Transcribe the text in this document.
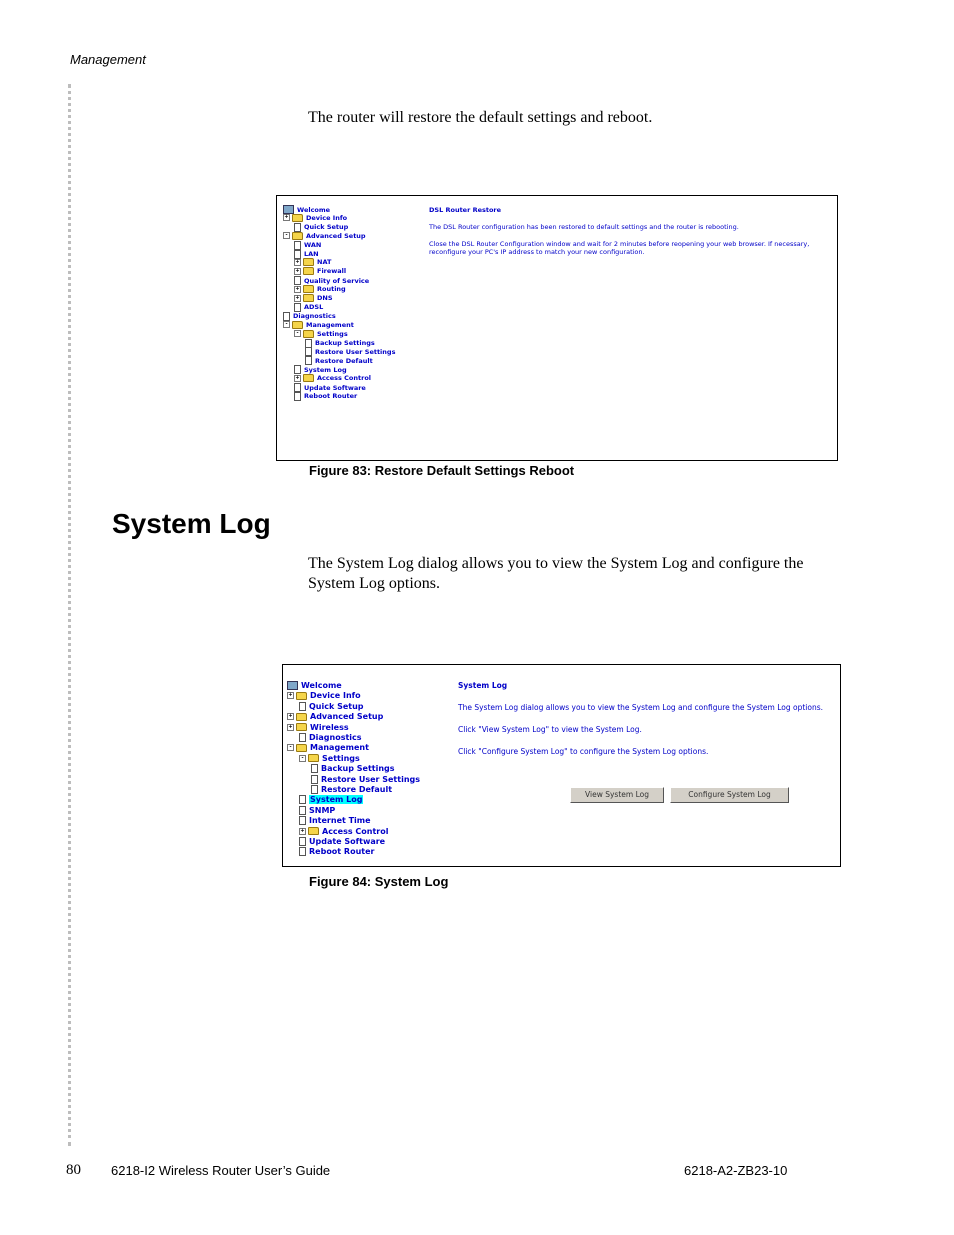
Management
The router will restore the default settings and reboot.
Welcome
+	Device Info
Quick Setup
-	Advanced Setup
WAN
LAN
+	NAT
+	Firewall
Quality of Service
+	Routing
+	DNS
ADSL
Diagnostics
-	Management
-	Settings
Backup Settings
Restore User Settings
Restore Default
System Log
+	Access Control
Update Software
Reboot Router
DSL Router Restore
The DSL Router configuration has been restored to default settings and the router is rebooting.
Close the DSL Router Configuration window and wait for 2 minutes before reopening your web browser. If necessary,
reconfigure your PC's IP address to match your new configuration.
Figure 83: Restore Default Settings Reboot
System Log
The System Log dialog allows you to view the System Log and configure the
System Log options.
Welcome
+ Device Info
Quick Setup
+ Advanced Setup
+ Wireless
Diagnostics
-	Management
-	Settings
Backup Settings
Restore User Settings
Restore Default
System Log
SNMP
Internet Time
+ Access Control
Update Software
Reboot Router
System Log
The System Log dialog allows you to view the System Log and configure the System Log options.
Click "View System Log" to view the System Log.
Click "Configure System Log" to configure the System Log options.
View System Log	Configure System Log
Figure 84: System Log
80 6218-I2 Wireless Router User’s Guide	6218-A2-ZB23-10
